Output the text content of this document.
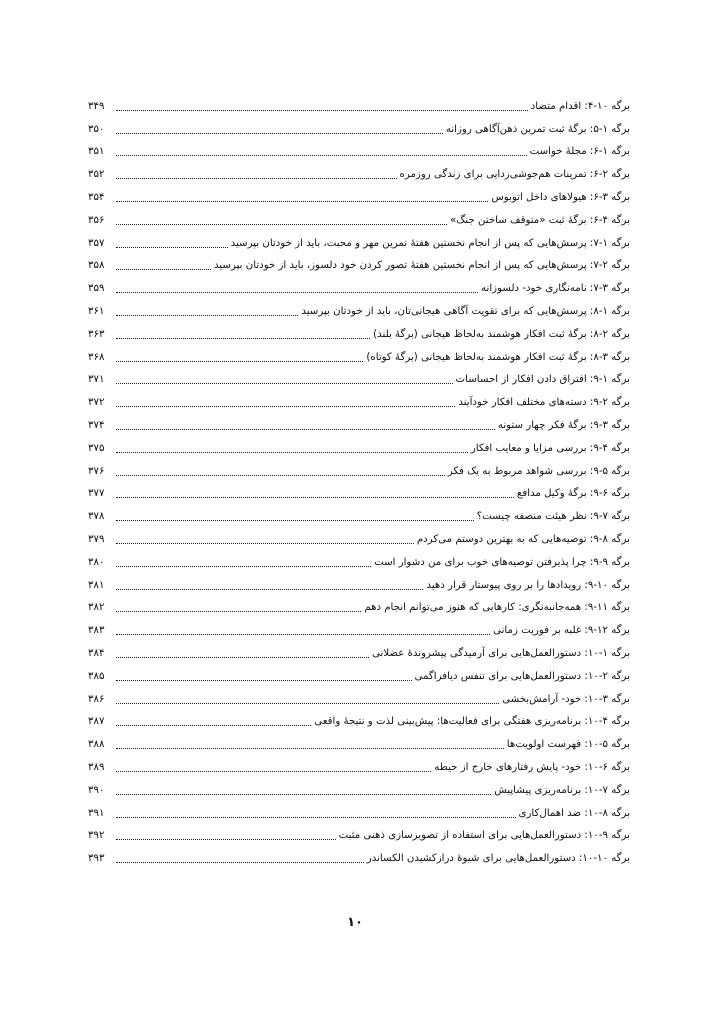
برگه ۱۰-۴: اقدام متضاد
۳۴۹
برگه ۱-۵: برگهٔ ثبت تمرین ذهن‌آگاهی روزانه
۳۵۰
برگه ۱-۶: مجلهٔ خواست
۳۵۱
برگه ۲-۶: تمرینات هم‌جوشی‌زدایی برای زندگی روزمره
۳۵۲
برگه ۳-۶: هیولاهای داخل اتوبوس
۳۵۴
برگه ۴-۶: برگهٔ ثبت «متوقف ساختن جنگ»
۳۵۶
برگه ۱-۷: پرسش‌هایی که پس از انجام نخستین هفتهٔ تمرین مهر و محبت، باید از خودتان بپرسید
۳۵۷
برگه ۲-۷: پرسش‌هایی که پس از انجام نخستین هفتهٔ تصور کردن خود دلسوز، باید از خودتان بپرسید
۳۵۸
برگه ۳-۷: نامه‌نگاری خود- دلسوزانه
۳۵۹
برگه ۱-۸: پرسش‌هایی که برای تقویت آگاهی هیجانی‌تان، باید از خودتان بپرسید
۳۶۱
برگه ۲-۸: برگهٔ ثبت افکار هوشمند به‌لحاظ هیجانی (برگهٔ بلند)
۳۶۳
برگه ۳-۸: برگهٔ ثبت افکار هوشمند به‌لحاظ هیجانی (برگهٔ کوتاه)
۳۶۸
برگه ۱-۹: افتراق دادن افکار از احساسات
۳۷۱
برگه ۲-۹: دسته‌های مختلف افکار خودآیند
۳۷۲
برگه ۳-۹: برگهٔ فکر چهار ستونه
۳۷۴
برگه ۴-۹: بررسی مزایا و معایب افکار
۳۷۵
برگه ۵-۹: بررسی شواهد مربوط به یک فکر
۳۷۶
برگه ۶-۹: برگهٔ وکیل مدافع
۳۷۷
برگه ۷-۹: نظر هیئت منصفه چیست؟
۳۷۸
برگه ۸-۹: توصیه‌هایی که به بهترین دوستم می‌کردم
۳۷۹
برگه ۹-۹: چرا پذیرفتن توصیه‌های خوب برای من دشوار است
۳۸۰
برگه ۱۰-۹: رویدادها را بر روی پیوستار قرار دهید
۳۸۱
برگه ۱۱-۹: همه‌جانبه‌نگری: کارهایی که هنوز می‌توانم انجام دهم
۳۸۲
برگه ۱۲-۹: غلبه بر فوریت زمانی
۳۸۳
برگه ۱-۱۰: دستورالعمل‌هایی برای آرمیدگی پیشروندهٔ عضلانی
۳۸۴
برگه ۲-۱۰: دستورالعمل‌هایی برای تنفس دیافراگمی
۳۸۵
برگه ۳-۱۰: خود- آرامش‌بخشی
۳۸۶
برگه ۴-۱۰: برنامه‌ریزی هفتگی برای فعالیت‌ها: پیش‌بینی لذت و نتیجهٔ واقعی
۳۸۷
برگه ۵-۱۰: فهرست اولویت‌ها
۳۸۸
برگه ۶-۱۰: خود- پایش رفتارهای خارج از حیطه
۳۸۹
برگه ۷-۱۰: برنامه‌ریزی پیشاپیش
۳۹۰
برگه ۸-۱۰: ضد اهمال‌کاری
۳۹۱
برگه ۹-۱۰: دستورالعمل‌هایی برای استفاده از تصویرسازی ذهنی مثبت
۳۹۲
برگه ۱۰-۱۰: دستورالعمل‌هایی برای شیوهٔ درازکشیدن الکساندر
۳۹۳
۱۰
